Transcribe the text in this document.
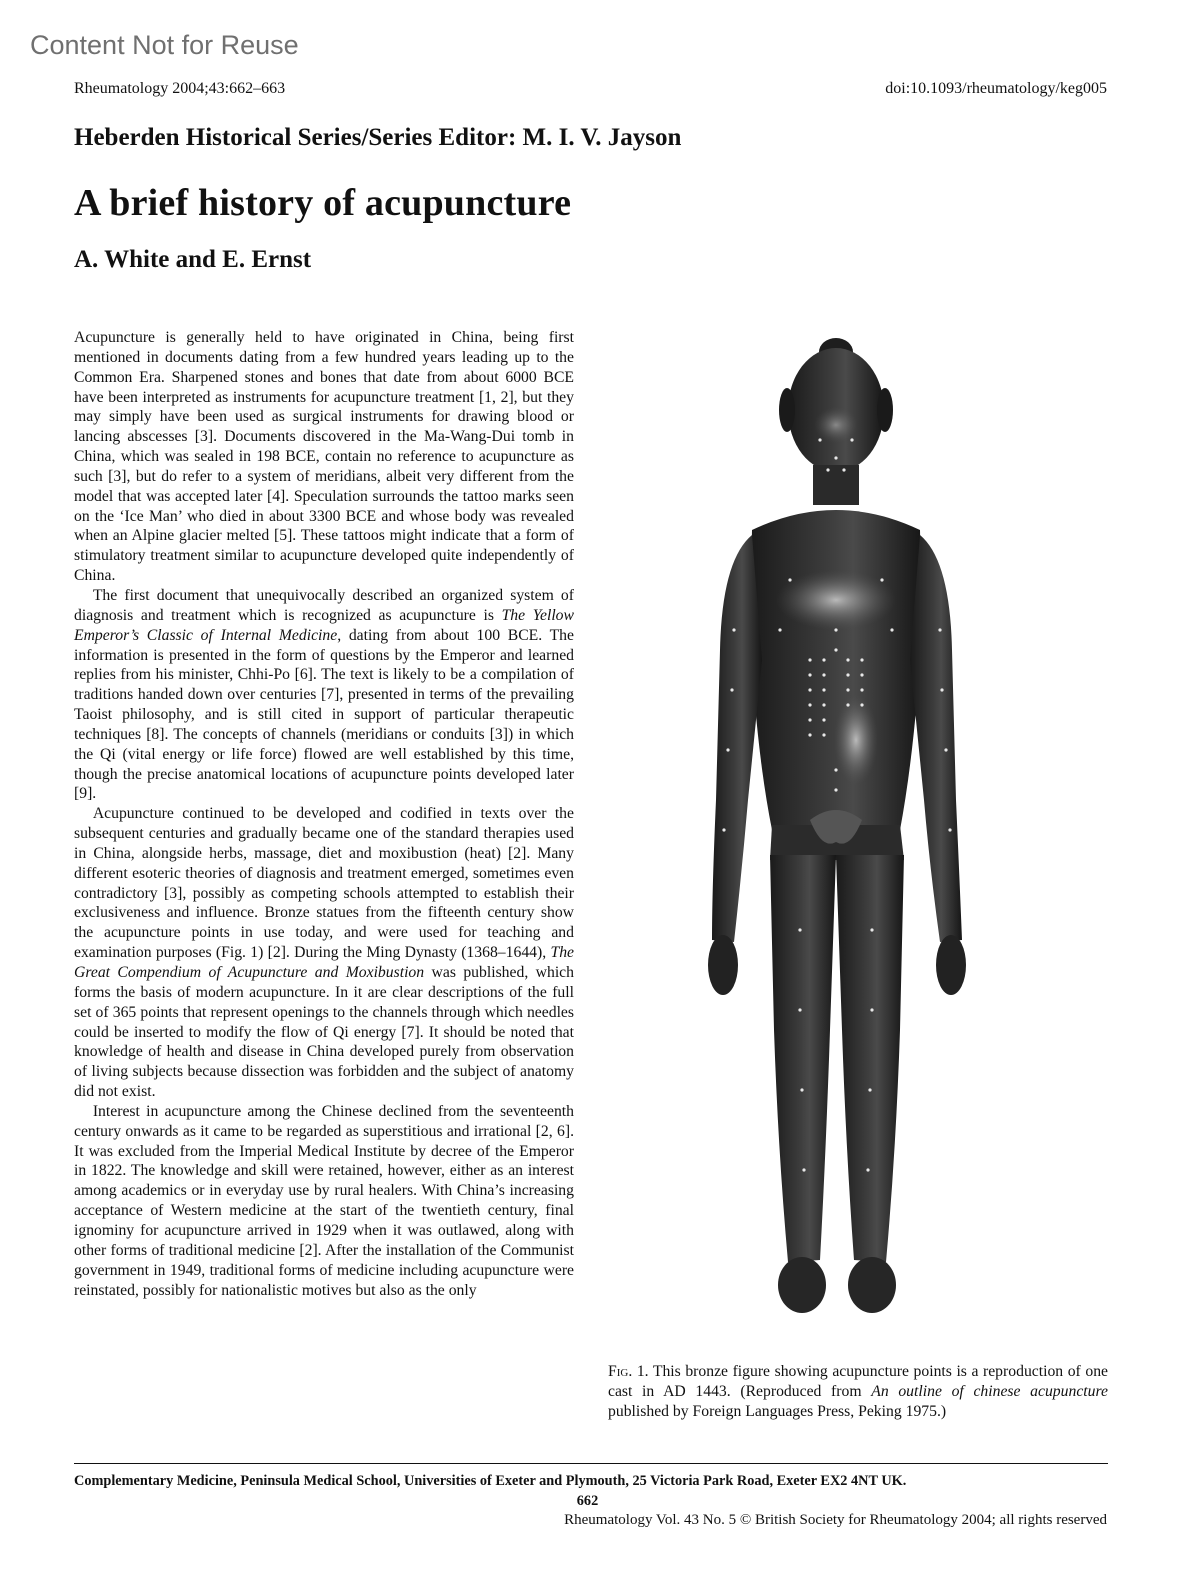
Content Not for Reuse
Rheumatology 2004;43:662–663	doi:10.1093/rheumatology/keg005
Heberden Historical Series/Series Editor: M. I. V. Jayson
A brief history of acupuncture
A. White and E. Ernst

Acupuncture is generally held to have originated in China, being first mentioned in documents dating from a few hundred years leading up to the Common Era. Sharpened stones and bones that date from about 6000 BCE have been interpreted as instruments for acupuncture treatment [1, 2], but they may simply have been used as surgical instruments for drawing blood or lancing abscesses [3]. Documents discovered in the Ma-Wang-Dui tomb in China, which was sealed in 198 BCE, contain no reference to acupuncture as such [3], but do refer to a system of meridians, albeit very different from the model that was accepted later [4]. Speculation surrounds the tattoo marks seen on the ‘Ice Man’ who died in about 3300 BCE and whose body was revealed when an Alpine glacier melted [5]. These tattoos might indicate that a form of stimulatory treatment similar to acupuncture developed quite independently of China.

The first document that unequivocally described an organized system of diagnosis and treatment which is recognized as acupuncture is The Yellow Emperor’s Classic of Internal Medicine, dating from about 100 BCE. The information is presented in the form of questions by the Emperor and learned replies from his minister, Chhi-Po [6]. The text is likely to be a compilation of traditions handed down over centuries [7], presented in terms of the prevailing Taoist philosophy, and is still cited in support of particular therapeutic techniques [8]. The concepts of channels (meridians or conduits [3]) in which the Qi (vital energy or life force) flowed are well established by this time, though the precise anatomical locations of acupuncture points developed later [9].

Acupuncture continued to be developed and codified in texts over the subsequent centuries and gradually became one of the standard therapies used in China, alongside herbs, massage, diet and moxibustion (heat) [2]. Many different esoteric theories of diagnosis and treatment emerged, sometimes even contradictory [3], possibly as competing schools attempted to establish their exclusiveness and influence. Bronze statues from the fifteenth century show the acupuncture points in use today, and were used for teaching and examination purposes (Fig. 1) [2]. During the Ming Dynasty (1368–1644), The Great Compendium of Acupuncture and Moxibustion was published, which forms the basis of modern acupuncture. In it are clear descriptions of the full set of 365 points that represent openings to the channels through which needles could be inserted to modify the flow of Qi energy [7]. It should be noted that knowledge of health and disease in China developed purely from observation of living subjects because dissection was forbidden and the subject of anatomy did not exist.

Interest in acupuncture among the Chinese declined from the seventeenth century onwards as it came to be regarded as superstitious and irrational [2, 6]. It was excluded from the Imperial Medical Institute by decree of the Emperor in 1822. The knowledge and skill were retained, however, either as an interest among academics or in everyday use by rural healers. With China’s increasing acceptance of Western medicine at the start of the twentieth century, final ignominy for acupuncture arrived in 1929 when it was outlawed, along with other forms of traditional medicine [2]. After the installation of the Communist government in 1949, traditional forms of medicine including acupuncture were reinstated, possibly for nationalistic motives but also as the only

Fig. 1. This bronze figure showing acupuncture points is a reproduction of one cast in AD 1443. (Reproduced from An outline of chinese acupuncture published by Foreign Languages Press, Peking 1975.)
Complementary Medicine, Peninsula Medical School, Universities of Exeter and Plymouth, 25 Victoria Park Road, Exeter EX2 4NT UK.
662
Rheumatology Vol. 43 No. 5 © British Society for Rheumatology 2004; all rights reserved
